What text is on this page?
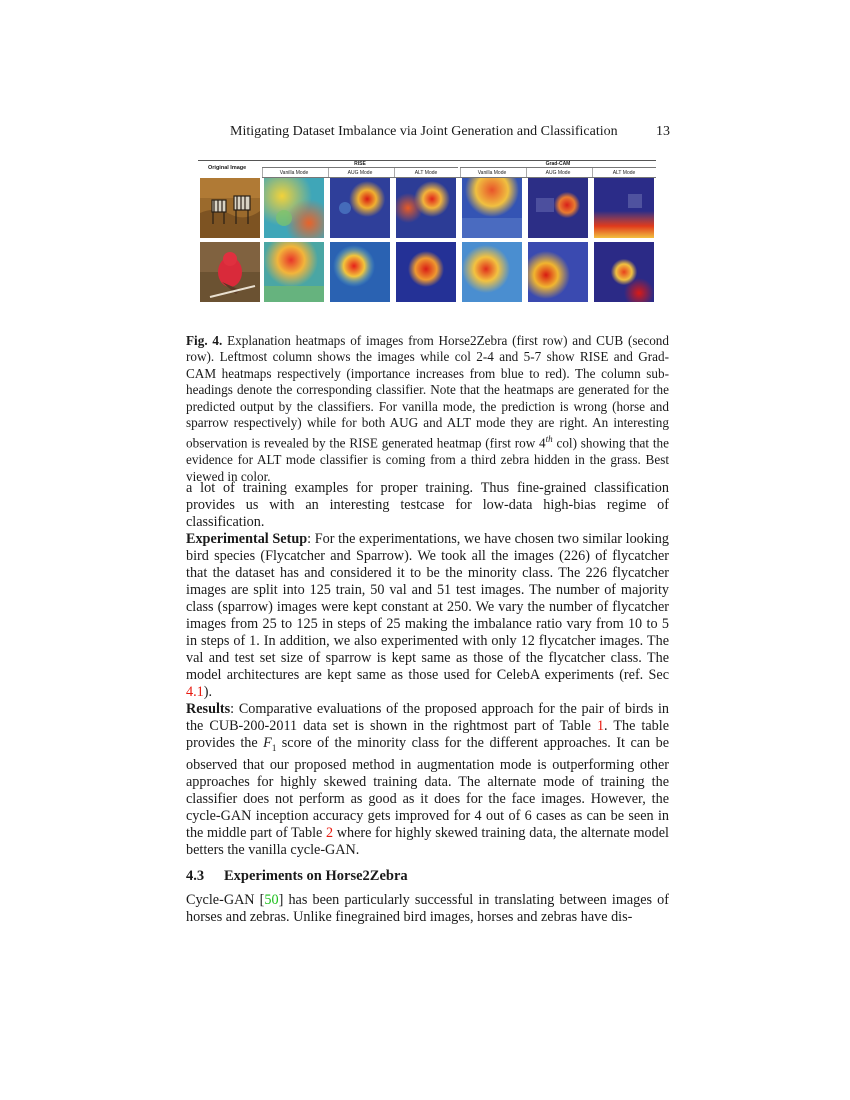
Mitigating Dataset Imbalance via Joint Generation and Classification	13
Original Image
RISE	Grad-CAM
Vanilla Mode	AUG Mode	ALT Mode	Vanilla Mode	AUG Mode	ALT Mode
Fig. 4. Explanation heatmaps of images from Horse2Zebra (first row) and CUB (second row). Leftmost column shows the images while col 2-4 and 5-7 show RISE and Grad-CAM heatmaps respectively (importance increases from blue to red). The column sub-headings denote the corresponding classifier. Note that the heatmaps are generated for the predicted output by the classifiers. For vanilla mode, the prediction is wrong (horse and sparrow respectively) while for both AUG and ALT mode they are right. An interesting observation is revealed by the RISE generated heatmap (first row 4th col) showing that the evidence for ALT mode classifier is coming from a third zebra hidden in the grass. Best viewed in color.
a lot of training examples for proper training. Thus fine-grained classification provides us with an interesting testcase for low-data high-bias regime of classification.
Experimental Setup: For the experimentations, we have chosen two similar looking bird species (Flycatcher and Sparrow). We took all the images (226) of flycatcher that the dataset has and considered it to be the minority class. The 226 flycatcher images are split into 125 train, 50 val and 51 test images. The number of majority class (sparrow) images were kept constant at 250. We vary the number of flycatcher images from 25 to 125 in steps of 25 making the imbalance ratio vary from 10 to 5 in steps of 1. In addition, we also experimented with only 12 flycatcher images. The val and test set size of sparrow is kept same as those of the flycatcher class. The model architectures are kept same as those used for CelebA experiments (ref. Sec 4.1).
Results: Comparative evaluations of the proposed approach for the pair of birds in the CUB-200-2011 data set is shown in the rightmost part of Table 1. The table provides the $F_1$ score of the minority class for the different approaches. It can be observed that our proposed method in augmentation mode is outperforming other approaches for highly skewed training data. The alternate mode of training the classifier does not perform as good as it does for the face images. However, the cycle-GAN inception accuracy gets improved for 4 out of 6 cases as can be seen in the middle part of Table 2 where for highly skewed training data, the alternate model betters the vanilla cycle-GAN.
4.3 Experiments on Horse2Zebra
Cycle-GAN [50] has been particularly successful in translating between images of horses and zebras. Unlike finegrained bird images, horses and zebras have dis-
